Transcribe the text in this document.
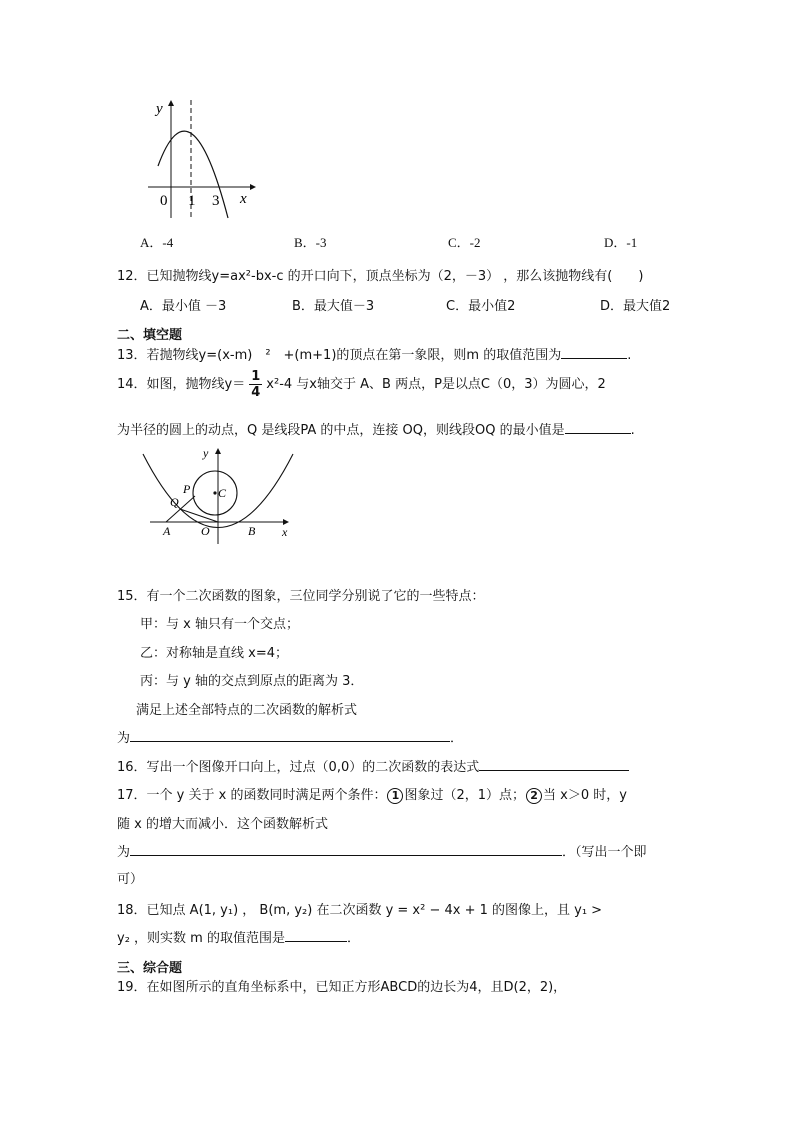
y
x
0 1 3
A．-4	B．-3	C．-2	D．-1
12．已知抛物线y=ax²-bx-c 的开口向下，顶点坐标为（2，－3） ，那么该抛物线有(　　)
A．最小值 －3	B．最大值－3	C．最小值2	D．最大值2
二、填空题
13．若抛物线y=(x-m)　²　+(m+1)的顶点在第一象限，则m 的取值范围为	.
14．如图，抛物线$y= \frac{1}{4} x^2-4$ 与x轴交于 A、B 两点，P是以点C（0，3）为圆心，2
为半径的圆上的动点，Q 是线段PA 的中点，连接 OQ，则线段OQ 的最小值是	.
y
x
P C
Q
A	O	B
15．有一个二次函数的图象，三位同学分别说了它的一些特点：
甲：与 x 轴只有一个交点；
乙：对称轴是直线 x=4；
丙：与 y 轴的交点到原点的距离为 3．
满足上述全部特点的二次函数的解析式
为	．
16．写出一个图像开口向上，过点（0,0）的二次函数的表达式
17．一个 y 关于 x 的函数同时满足两个条件： 1 图象过（2，1）点； 2 当 x＞0 时，y
随 x 的增大而减小．这个函数解析式
为	．（写出一个即
可）
18．已知点 A(1, y₁) ， B(m, y₂) 在二次函数 y = x² − 4x + 1 的图像上，且 y₁ >
y₂ ，则实数 m 的取值范围是	．
三、综合题
19．在如图所示的直角坐标系中，已知正方形ABCD的边长为4，且D(2，2)，
